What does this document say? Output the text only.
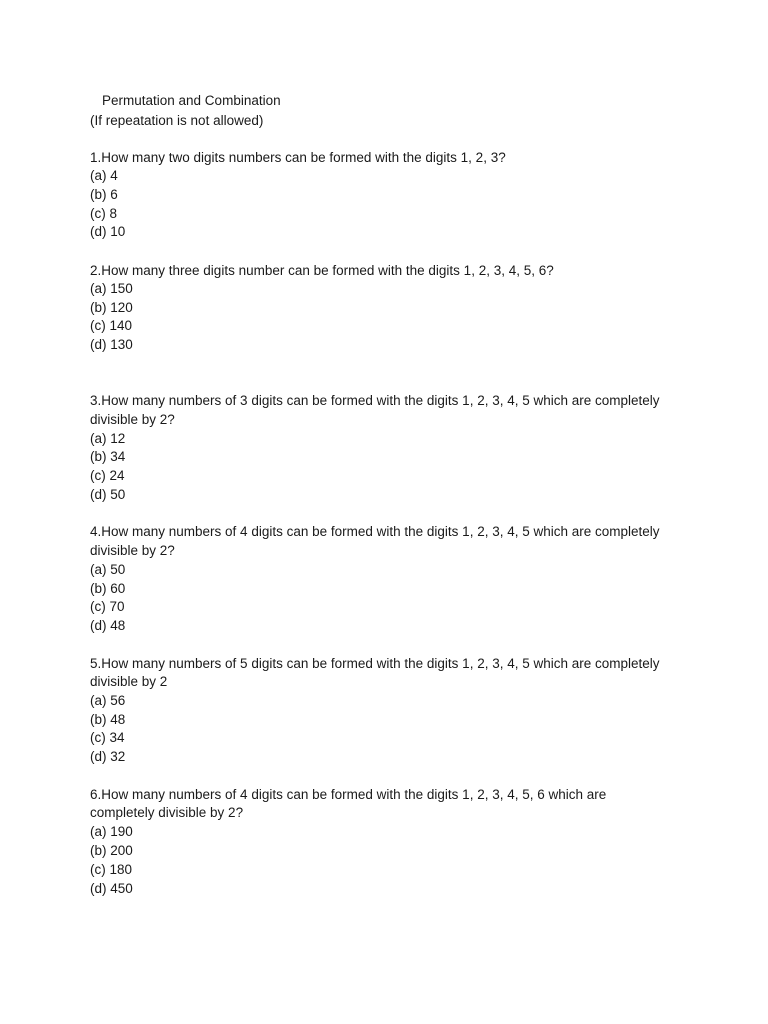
Permutation and Combination
(If repeatation is not allowed)
1.How many two digits numbers can be formed with the digits 1, 2, 3?
(a) 4
(b) 6
(c) 8
(d) 10
2.How many three digits number can be formed with the digits 1, 2, 3, 4, 5, 6?
(a) 150
(b) 120
(c) 140
(d) 130
3.How many numbers of 3 digits can be formed with the digits 1, 2, 3, 4, 5 which are completely
divisible by 2?
(a) 12
(b) 34
(c) 24
(d) 50
4.How many numbers of 4 digits can be formed with the digits 1, 2, 3, 4, 5 which are completely
divisible by 2?
(a) 50
(b) 60
(c) 70
(d) 48
5.How many numbers of 5 digits can be formed with the digits 1, 2, 3, 4, 5 which are completely
divisible by 2
(a) 56
(b) 48
(c) 34
(d) 32
6.How many numbers of 4 digits can be formed with the digits 1, 2, 3, 4, 5, 6 which are
completely divisible by 2?
(a) 190
(b) 200
(c) 180
(d) 450
